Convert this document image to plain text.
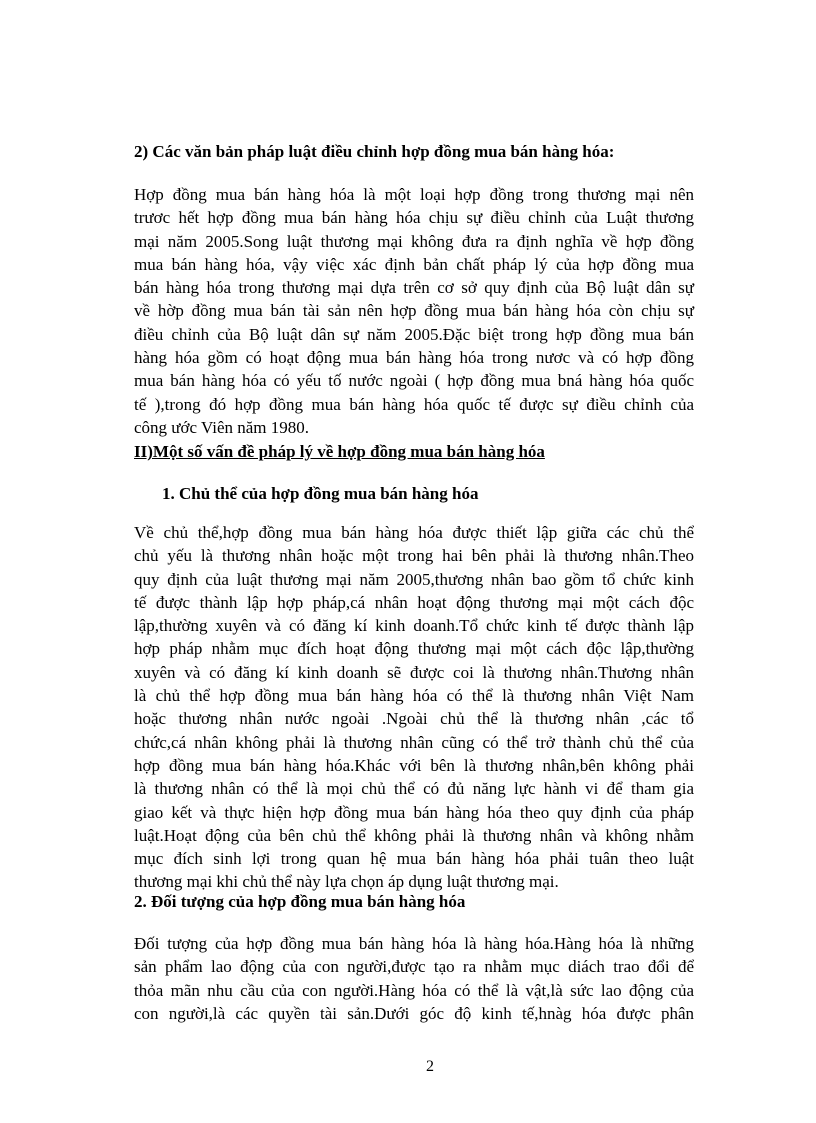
2) Các văn bản pháp luật điều chỉnh hợp đồng mua bán hàng hóa:
Hợp đồng mua bán hàng hóa là một loại hợp đồng trong thương mại nên
trươc hết hợp đồng mua bán hàng hóa chịu sự điều chỉnh của Luật thương
mại năm 2005.Song luật thương mại không đưa ra định nghĩa về hợp đồng
mua bán hàng hóa, vậy việc xác định bản chất pháp lý của hợp đồng mua
bán hàng hóa trong thương mại dựa trên cơ sở quy định của Bộ luật dân sự
về hờp đồng mua bán tài sản nên hợp đồng mua bán hàng hóa còn chịu sự
điều chỉnh của Bộ luật dân sự năm 2005.Đặc biệt trong hợp đồng mua bán
hàng hóa gồm có hoạt động mua bán hàng hóa trong nươc và có hợp đồng
mua bán hàng hóa có yếu tố nước ngoài ( hợp đồng mua bná hàng hóa quốc
tế ),trong đó hợp đồng mua bán hàng hóa quốc tế được sự điều chỉnh của
công ước Viên năm 1980.
II)Một số vấn đề pháp lý về hợp đồng mua bán hàng hóa
1. Chủ thể của hợp đồng mua bán hàng hóa
Về chủ thể,hợp đồng mua bán hàng hóa được thiết lập giữa các chủ thể
chủ yếu là thương nhân hoặc một trong hai bên phải là thương nhân.Theo
quy định của luật thương mại năm 2005,thương nhân bao gồm tổ chức kinh
tế được thành lập hợp pháp,cá nhân hoạt động thương mại một cách độc
lập,thường xuyên và có đăng kí kinh doanh.Tổ chức kinh tế được thành lập
hợp pháp nhằm mục đích hoạt động thương mại một cách độc lập,thường
xuyên và có đăng kí kinh doanh sẽ được coi là thương nhân.Thương nhân
là chủ thể hợp đồng mua bán hàng hóa có thể là thương nhân Việt Nam
hoặc thương nhân nước ngoài .Ngoài chủ thể là thương nhân ,các tổ
chức,cá nhân không phải là thương nhân cũng có thể trở thành chủ thể của
hợp đồng mua bán hàng hóa.Khác với bên là thương nhân,bên không phải
là thương nhân có thể là mọi chủ thể có đủ năng lực hành vi để tham gia
giao kết và thực hiện hợp đồng mua bán hàng hóa theo quy định của pháp
luật.Hoạt động của bên chủ thể không phải là thương nhân và không nhằm
mục đích sinh lợi trong quan hệ mua bán hàng hóa phải tuân theo luật
thương mại khi chủ thể này lựa chọn áp dụng luật thương mại.
2. Đối tượng của hợp đồng mua bán hàng hóa
Đối tượng của hợp đồng mua bán hàng hóa là hàng hóa.Hàng hóa là những
sản phẩm lao động của con người,được tạo ra nhằm mục diách trao đổi để
thỏa mãn nhu cầu của con người.Hàng hóa có thể là vật,là sức lao động của
con người,là các quyền tài sản.Dưới góc độ kinh tế,hnàg hóa được phân
2
